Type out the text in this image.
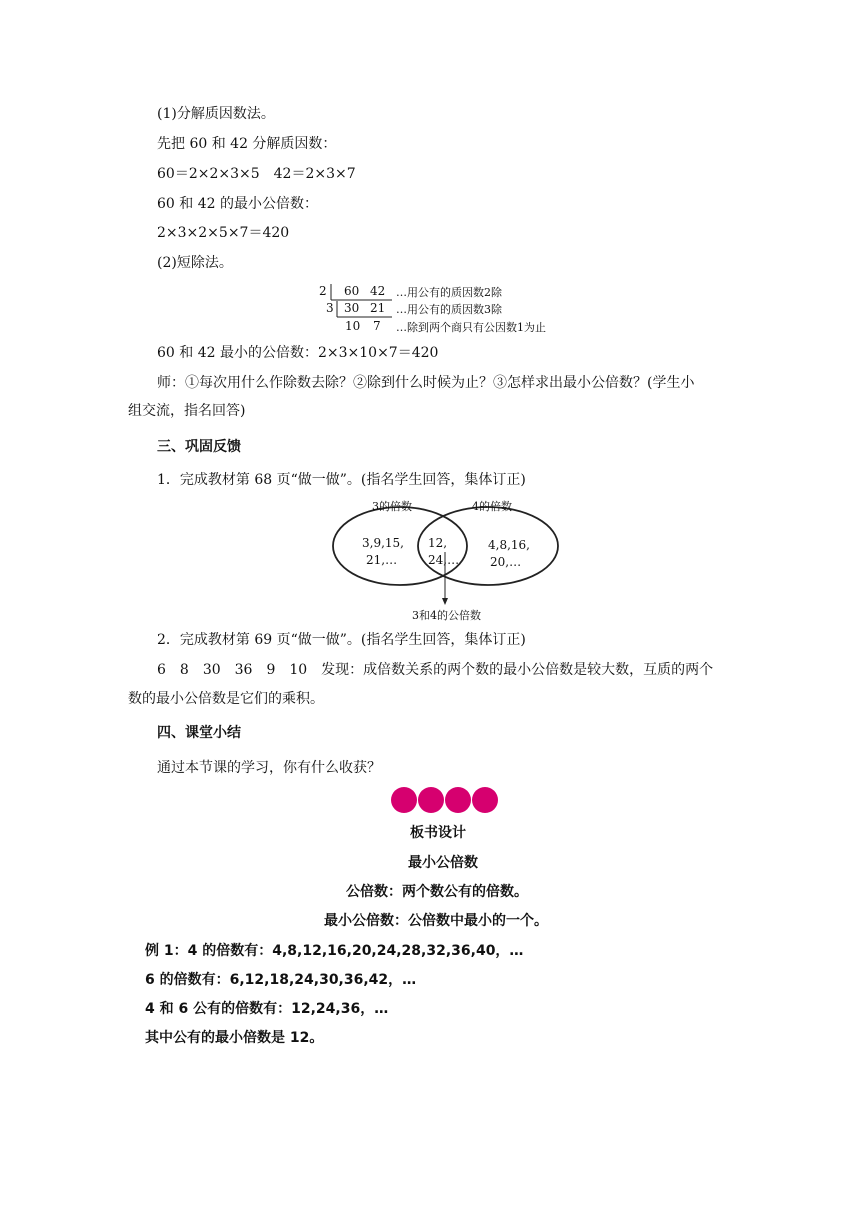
(1)分解质因数法。
先把 60 和 42 分解质因数：
60＝2×2×3×5　42＝2×3×7
60 和 42 的最小公倍数：
2×3×2×5×7＝420
(2)短除法。
2 60 42 …用公有的质因数2除
3 30 21 …用公有的质因数3除
10 7 …除到两个商只有公因数1为止
60 和 42 最小的公倍数：2×3×10×7＝420
师：①每次用什么作除数去除？②除到什么时候为止？③怎样求出最小公倍数？(学生小
组交流，指名回答)
三、巩固反馈
1．完成教材第 68 页“做一做”。(指名学生回答，集体订正)
3的倍数	4的倍数
3,9,15,
21,…
12,
24,…
4,8,16,
20,…
3和4的公倍数
2．完成教材第 69 页“做一做”。(指名学生回答，集体订正)
6　8　30　36　9　10　发现：成倍数关系的两个数的最小公倍数是较大数，互质的两个
数的最小公倍数是它们的乘积。
四、课堂小结
通过本节课的学习，你有什么收获？
板书设计
最小公倍数
公倍数：两个数公有的倍数。
最小公倍数：公倍数中最小的一个。
例 1：4 的倍数有：4,8,12,16,20,24,28,32,36,40，…
6 的倍数有：6,12,18,24,30,36,42，…
4 和 6 公有的倍数有：12,24,36，…
其中公有的最小倍数是 12。
